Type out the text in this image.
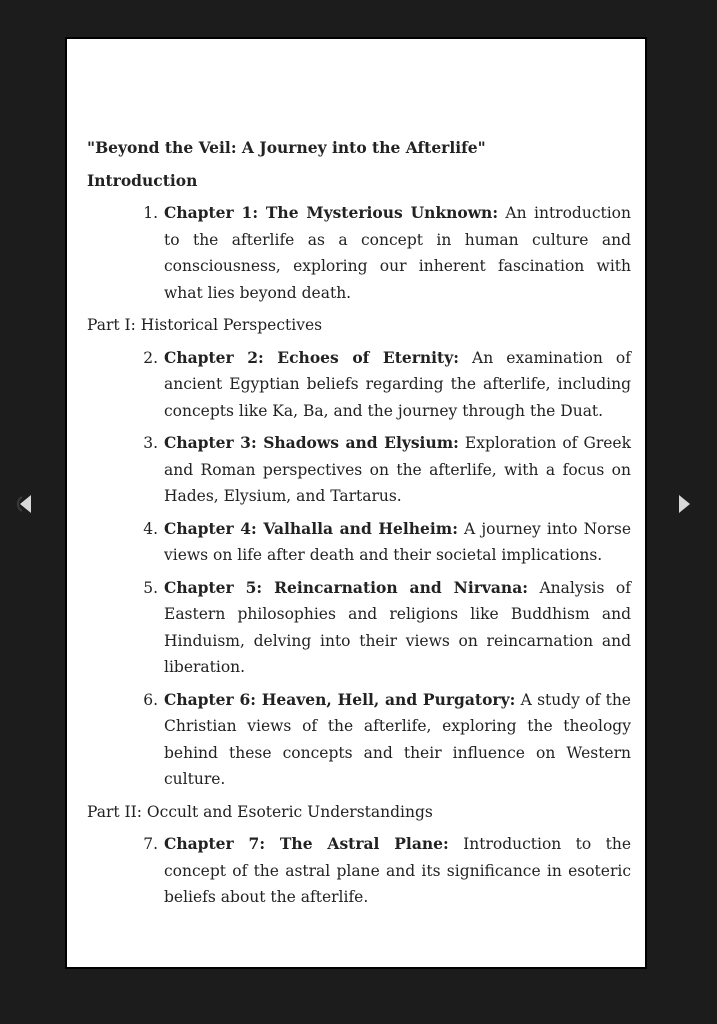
"Beyond the Veil: A Journey into the Afterlife"
Introduction
1. Chapter 1: The Mysterious Unknown: An introduction to the afterlife as a concept in human culture and consciousness, exploring our inherent fascination with what lies beyond death.
Part I: Historical Perspectives
2. Chapter 2: Echoes of Eternity: An examination of ancient Egyptian beliefs regarding the afterlife, including concepts like Ka, Ba, and the journey through the Duat.
3. Chapter 3: Shadows and Elysium: Exploration of Greek and Roman perspectives on the afterlife, with a focus on Hades, Elysium, and Tartarus.
4. Chapter 4: Valhalla and Helheim: A journey into Norse views on life after death and their societal implications.
5. Chapter 5: Reincarnation and Nirvana: Analysis of Eastern philosophies and religions like Buddhism and Hinduism, delving into their views on reincarnation and liberation.
6. Chapter 6: Heaven, Hell, and Purgatory: A study of the Christian views of the afterlife, exploring the theology behind these concepts and their influence on Western culture.
Part II: Occult and Esoteric Understandings
7. Chapter 7: The Astral Plane: Introduction to the concept of the astral plane and its significance in esoteric beliefs about the afterlife.
